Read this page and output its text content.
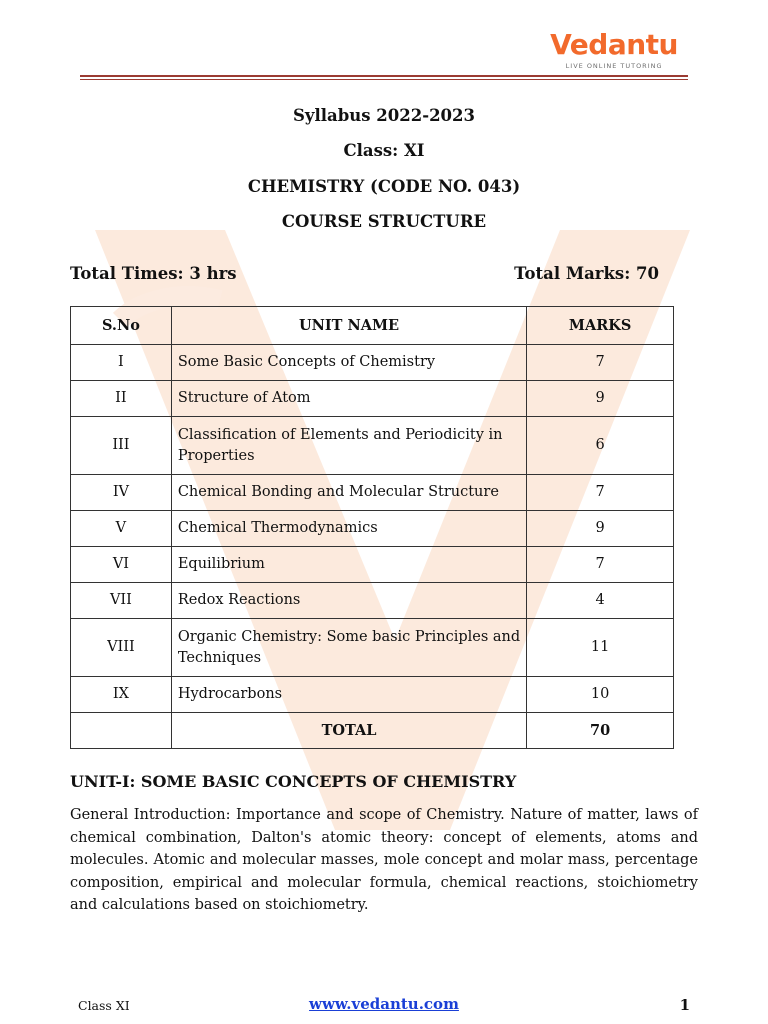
Vedantu
LIVE ONLINE TUTORING
Syllabus 2022-2023
Class: XI
CHEMISTRY (CODE NO. 043)
COURSE STRUCTURE
Total Times: 3 hrs	Total Marks: 70
S.No	UNIT NAME	MARKS
I	Some Basic Concepts of Chemistry	7
II	Structure of Atom	9
III	Classification of Elements and Periodicity in Properties	6
IV	Chemical Bonding and Molecular Structure	7
V	Chemical Thermodynamics	9
VI	Equilibrium	7
VII	Redox Reactions	4
VIII	Organic Chemistry: Some basic Principles and Techniques	11
IX	Hydrocarbons	10
	TOTAL	70
UNIT-I: SOME BASIC CONCEPTS OF CHEMISTRY
General Introduction: Importance and scope of Chemistry. Nature of matter, laws of chemical combination, Dalton's atomic theory: concept of elements, atoms and molecules. Atomic and molecular masses, mole concept and molar mass, percentage composition, empirical and molecular formula, chemical reactions, stoichiometry and calculations based on stoichiometry.
Class XI	www.vedantu.com	1
